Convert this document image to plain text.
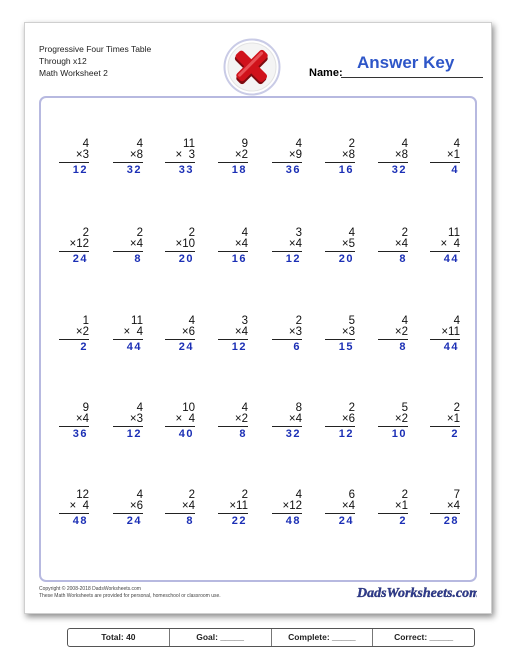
Progressive Four Times Table
Through x12
Math Worksheet 2
Answer Key
Name:
4
×3
12
4
×8
32
11
× 3
33
9
×2
18
4
×9
36
2
×8
16
4
×8
32
4
×1
4
2
×12
24
2
×4
8
2
×10
20
4
×4
16
3
×4
12
4
×5
20
2
×4
8
11
× 4
44
1
×2
2
11
× 4
44
4
×6
24
3
×4
12
2
×3
6
5
×3
15
4
×2
8
4
×11
44
9
×4
36
4
×3
12
10
× 4
40
4
×2
8
8
×4
32
2
×6
12
5
×2
10
2
×1
2
12
× 4
48
4
×6
24
2
×4
8
2
×11
22
4
×12
48
6
×4
24
2
×1
2
7
×4
28
Total: 40	Goal: _____	Complete: _____	Correct: _____
Copyright © 2008-2018 DadsWorksheets.com
These Math Worksheets are provided for personal, homeschool or classroom use.	DadsWorksheets.com
